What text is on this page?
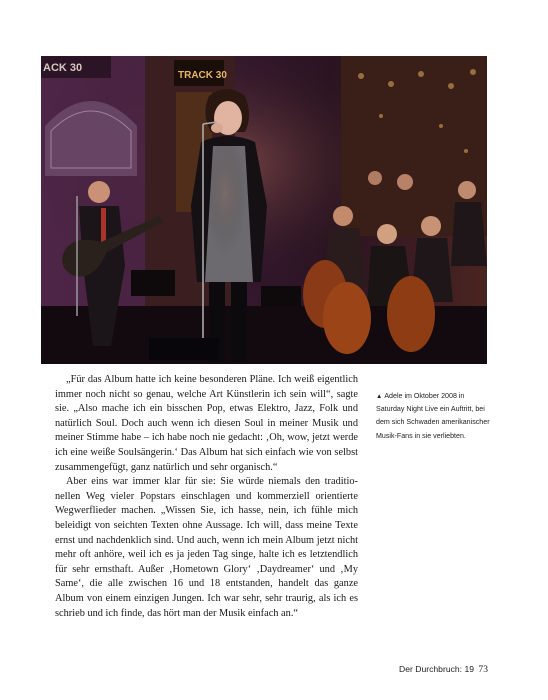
ACK 30
TRACK 30
▲ Adele im Oktober 2008 in Saturday Night Live ein Auftritt, bei dem sich Schwaden amerikanischer Musik-Fans in sie verliebten.

„Für das Album hatte ich keine besonderen Pläne. Ich weiß eigentlich immer noch nicht so genau, welche Art Künstlerin ich sein will“, sagte sie. „Also mache ich ein bisschen Pop, etwas Elektro, Jazz, Folk und natürlich Soul. Doch auch wenn ich diesen Soul in meiner Musik und meiner Stimme habe – ich habe noch nie gedacht: ‚Oh, wow, jetzt werde ich eine weiße Soulsängerin.‘ Das Album hat sich einfach wie von selbst zusammengefügt, ganz natürlich und sehr organisch.“

Aber eins war immer klar für sie: Sie würde niemals den traditionellen Weg vieler Popstars einschlagen und kommerziell orientierte Wegwerflieder machen. „Wissen Sie, ich hasse, nein, ich fühle mich beleidigt von seichten Texten ohne Aussage. Ich will, dass meine Texte ernst und nachdenklich sind. Und auch, wenn ich mein Album jetzt nicht mehr oft anhöre, weil ich es ja jeden Tag singe, halte ich es letztendlich für sehr ernsthaft. Außer ‚Hometown Glory‘ ‚Daydreamer‘ und ‚My Same‘, die alle zwischen 16 und 18 entstanden, handelt das ganze Album von einem einzigen Jungen. Ich war sehr, sehr traurig, als ich es schrieb und ich finde, das hört man der Musik einfach an.“

Der Durchbruch: 19 73
